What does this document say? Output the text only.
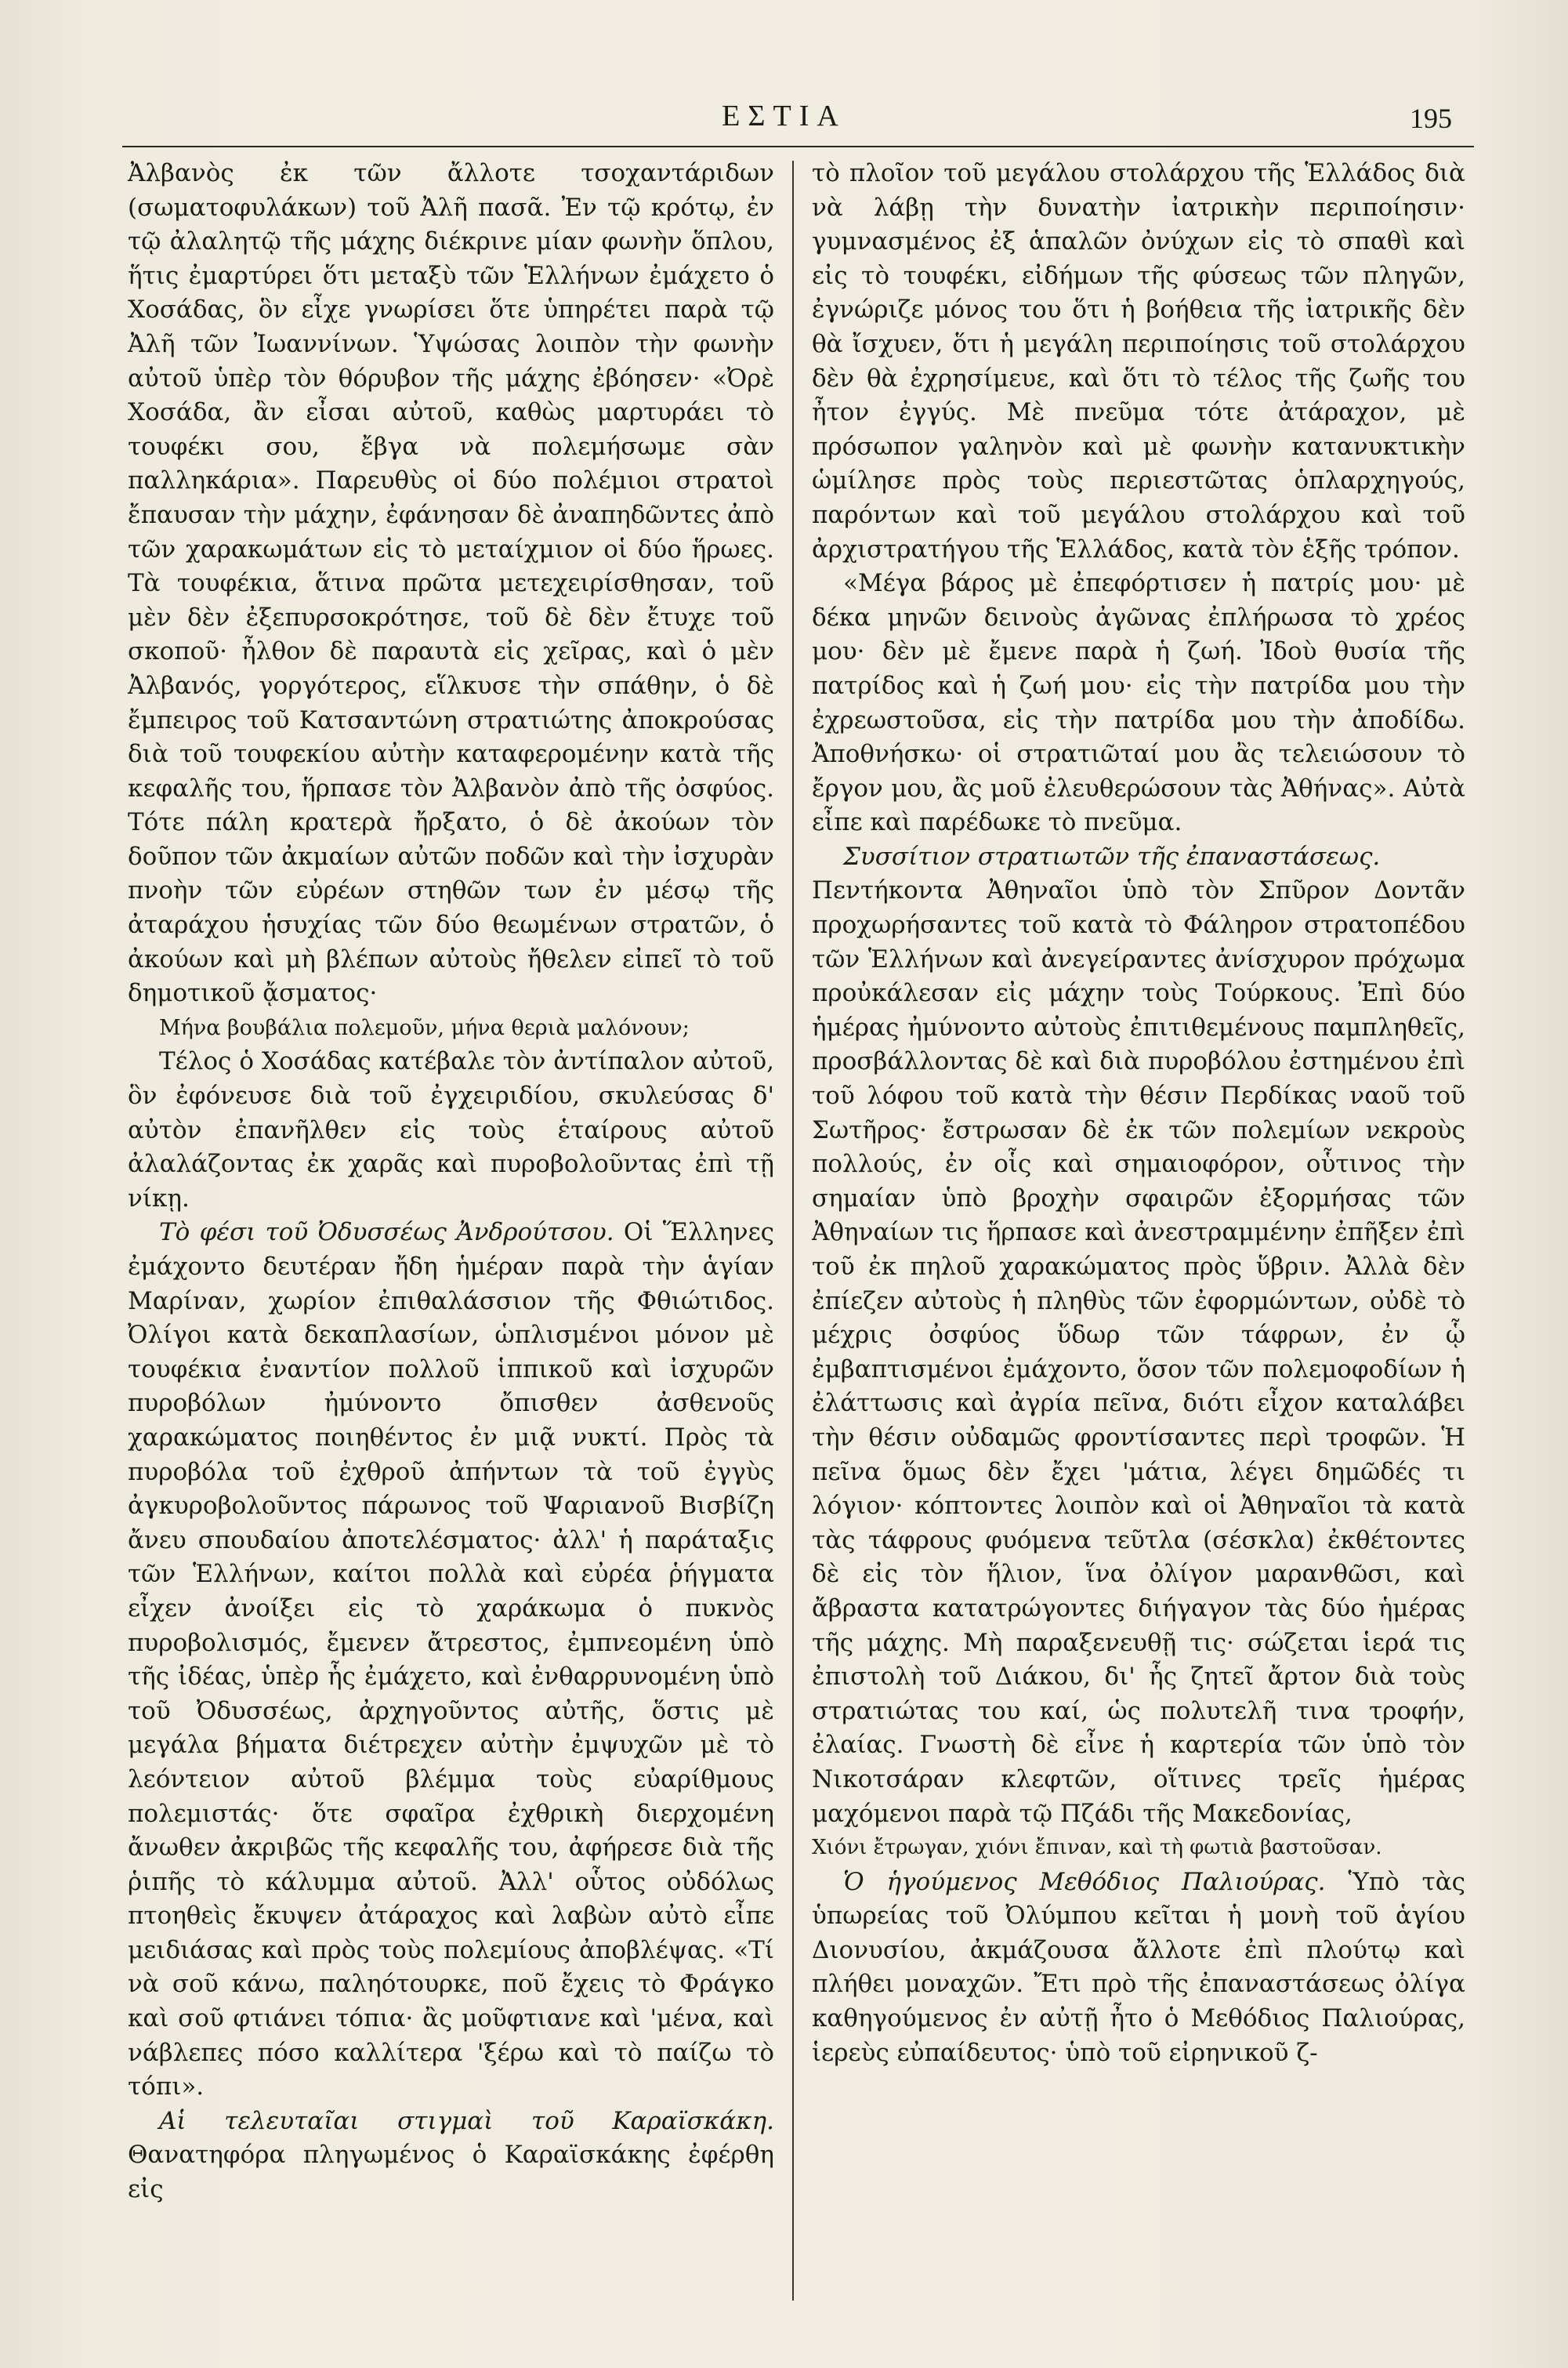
ΕΣΤΙΑ	195

Ἀλβανὸς ἐκ τῶν ἄλλοτε τσοχαντάριδων (σωματοφυλάκων) τοῦ Ἀλῆ πασᾶ. Ἐν τῷ κρότῳ, ἐν τῷ ἀλαλητῷ τῆς μάχης διέκρινε μίαν φωνὴν ὅπλου, ἥτις ἐμαρτύρει ὅτι μεταξὺ τῶν Ἑλλήνων ἐμάχετο ὁ Χοσάδας, ὃν εἶχε γνωρίσει ὅτε ὑπηρέτει παρὰ τῷ Ἀλῆ τῶν Ἰωαννίνων. Ὑψώσας λοιπὸν τὴν φωνὴν αὐτοῦ ὑπὲρ τὸν θόρυβον τῆς μάχης ἐβόησεν· «Ὀρὲ Χοσάδα, ἂν εἶσαι αὐτοῦ, καθὼς μαρτυράει τὸ τουφέκι σου, ἔβγα νὰ πολεμήσωμε σὰν παλληκάρια». Παρευθὺς οἱ δύο πολέμιοι στρατοὶ ἔπαυσαν τὴν μάχην, ἐφάνησαν δὲ ἀναπηδῶντες ἀπὸ τῶν χαρακωμάτων εἰς τὸ μεταίχμιον οἱ δύο ἥρωες. Τὰ τουφέκια, ἅτινα πρῶτα μετεχειρίσθησαν, τοῦ μὲν δὲν ἐξεπυρσοκρότησε, τοῦ δὲ δὲν ἔτυχε τοῦ σκοποῦ· ἦλθον δὲ παραυτὰ εἰς χεῖρας, καὶ ὁ μὲν Ἀλβανός, γοργότερος, εἵλκυσε τὴν σπάθην, ὁ δὲ ἔμπειρος τοῦ Κατσαντώνη στρατιώτης ἀποκρούσας διὰ τοῦ τουφεκίου αὐτὴν καταφερομένην κατὰ τῆς κεφαλῆς του, ἥρπασε τὸν Ἀλβανὸν ἀπὸ τῆς ὀσφύος. Τότε πάλη κρατερὰ ἤρξατο, ὁ δὲ ἀκούων τὸν δοῦπον τῶν ἀκμαίων αὐτῶν ποδῶν καὶ τὴν ἰσχυρὰν πνοὴν τῶν εὐρέων στηθῶν των ἐν μέσῳ τῆς ἀταράχου ἡσυχίας τῶν δύο θεωμένων στρατῶν, ὁ ἀκούων καὶ μὴ βλέπων αὐτοὺς ἤθελεν εἰπεῖ τὸ τοῦ δημοτικοῦ ᾄσματος·

Μήνα βουβάλια πολεμοῦν, μήνα θεριὰ μαλόνουν;

Τέλος ὁ Χοσάδας κατέβαλε τὸν ἀντίπαλον αὐτοῦ, ὃν ἐφόνευσε διὰ τοῦ ἐγχειριδίου, σκυλεύσας δ' αὐτὸν ἐπανῆλθεν εἰς τοὺς ἑταίρους αὐτοῦ ἀλαλάζοντας ἐκ χαρᾶς καὶ πυροβολοῦντας ἐπὶ τῇ νίκῃ.

Τὸ φέσι τοῦ Ὀδυσσέως Ἀνδρούτσου. Οἱ Ἕλληνες ἐμάχοντο δευτέραν ἤδη ἡμέραν παρὰ τὴν ἁγίαν Μαρίναν, χωρίον ἐπιθαλάσσιον τῆς Φθιώτιδος. Ὀλίγοι κατὰ δεκαπλασίων, ὡπλισμένοι μόνον μὲ τουφέκια ἐναντίον πολλοῦ ἱππικοῦ καὶ ἰσχυρῶν πυροβόλων ἠμύνοντο ὄπισθεν ἀσθενοῦς χαρακώματος ποιηθέντος ἐν μιᾷ νυκτί. Πρὸς τὰ πυροβόλα τοῦ ἐχθροῦ ἀπήντων τὰ τοῦ ἐγγὺς ἀγκυροβολοῦντος πάρωνος τοῦ Ψαριανοῦ Βισβίζη ἄνευ σπουδαίου ἀποτελέσματος· ἀλλ' ἡ παράταξις τῶν Ἑλλήνων, καίτοι πολλὰ καὶ εὐρέα ῥήγματα εἶχεν ἀνοίξει εἰς τὸ χαράκωμα ὁ πυκνὸς πυροβολισμός, ἔμενεν ἄτρεστος, ἐμπνεομένη ὑπὸ τῆς ἰδέας, ὑπὲρ ἧς ἐμάχετο, καὶ ἐνθαρρυνομένη ὑπὸ τοῦ Ὀδυσσέως, ἀρχηγοῦντος αὐτῆς, ὅστις μὲ μεγάλα βήματα διέτρεχεν αὐτὴν ἐμψυχῶν μὲ τὸ λεόντειον αὐτοῦ βλέμμα τοὺς εὐαρίθμους πολεμιστάς· ὅτε σφαῖρα ἐχθρικὴ διερχομένη ἄνωθεν ἀκριβῶς τῆς κεφαλῆς του, ἀφήρεσε διὰ τῆς ῥιπῆς τὸ κάλυμμα αὐτοῦ. Ἀλλ' οὗτος οὐδόλως πτοηθεὶς ἔκυψεν ἀτάραχος καὶ λαβὼν αὐτὸ εἶπε μειδιάσας καὶ πρὸς τοὺς πολεμίους ἀποβλέψας. «Τί νὰ σοῦ κάνω, παληότουρκε, ποῦ ἔχεις τὸ Φράγκο καὶ σοῦ φτιάνει τόπια· ἂς μοῦφτιανε καὶ 'μένα, καὶ νάβλεπες πόσο καλλίτερα 'ξέρω καὶ τὸ παίζω τὸ τόπι».

Αἱ τελευταῖαι στιγμαὶ τοῦ Καραϊσκάκη. Θανατηφόρα πληγωμένος ὁ Καραϊσκάκης ἐφέρθη εἰς

τὸ πλοῖον τοῦ μεγάλου στολάρχου τῆς Ἑλλάδος διὰ νὰ λάβῃ τὴν δυνατὴν ἰατρικὴν περιποίησιν· γυμνασμένος ἐξ ἁπαλῶν ὀνύχων εἰς τὸ σπαθὶ καὶ εἰς τὸ τουφέκι, εἰδήμων τῆς φύσεως τῶν πληγῶν, ἐγνώριζε μόνος του ὅτι ἡ βοήθεια τῆς ἰατρικῆς δὲν θὰ ἴσχυεν, ὅτι ἡ μεγάλη περιποίησις τοῦ στολάρχου δὲν θὰ ἐχρησίμευε, καὶ ὅτι τὸ τέλος τῆς ζωῆς του ἦτον ἐγγύς. Μὲ πνεῦμα τότε ἀτάραχον, μὲ πρόσωπον γαληνὸν καὶ μὲ φωνὴν κατανυκτικὴν ὡμίλησε πρὸς τοὺς περιεστῶτας ὁπλαρχηγούς, παρόντων καὶ τοῦ μεγάλου στολάρχου καὶ τοῦ ἀρχιστρατήγου τῆς Ἑλλάδος, κατὰ τὸν ἑξῆς τρόπον.

«Μέγα βάρος μὲ ἐπεφόρτισεν ἡ πατρίς μου· μὲ δέκα μηνῶν δεινοὺς ἀγῶνας ἐπλήρωσα τὸ χρέος μου· δὲν μὲ ἔμενε παρὰ ἡ ζωή. Ἰδοὺ θυσία τῆς πατρίδος καὶ ἡ ζωή μου· εἰς τὴν πατρίδα μου τὴν ἐχρεωστοῦσα, εἰς τὴν πατρίδα μου τὴν ἀποδίδω. Ἀποθνήσκω· οἱ στρατιῶταί μου ἂς τελειώσουν τὸ ἔργον μου, ἂς μοῦ ἐλευθερώσουν τὰς Ἀθήνας». Αὐτὰ εἶπε καὶ παρέδωκε τὸ πνεῦμα.

Συσσίτιον στρατιωτῶν τῆς ἐπαναστάσεως.

Πεντήκοντα Ἀθηναῖοι ὑπὸ τὸν Σπῦρον Δοντᾶν προχωρήσαντες τοῦ κατὰ τὸ Φάληρον στρατοπέδου τῶν Ἑλλήνων καὶ ἀνεγείραντες ἀνίσχυρον πρόχωμα προὐκάλεσαν εἰς μάχην τοὺς Τούρκους. Ἐπὶ δύο ἡμέρας ἠμύνοντο αὐτοὺς ἐπιτιθεμένους παμπληθεῖς, προσβάλλοντας δὲ καὶ διὰ πυροβόλου ἐστημένου ἐπὶ τοῦ λόφου τοῦ κατὰ τὴν θέσιν Περδίκας ναοῦ τοῦ Σωτῆρος· ἔστρωσαν δὲ ἐκ τῶν πολεμίων νεκροὺς πολλούς, ἐν οἷς καὶ σημαιοφόρον, οὗτινος τὴν σημαίαν ὑπὸ βροχὴν σφαιρῶν ἐξορμήσας τῶν Ἀθηναίων τις ἥρπασε καὶ ἀνεστραμμένην ἐπῆξεν ἐπὶ τοῦ ἐκ πηλοῦ χαρακώματος πρὸς ὕβριν. Ἀλλὰ δὲν ἐπίεζεν αὐτοὺς ἡ πληθὺς τῶν ἐφορμώντων, οὐδὲ τὸ μέχρις ὀσφύος ὕδωρ τῶν τάφρων, ἐν ᾧ ἐμβαπτισμένοι ἐμάχοντο, ὅσον τῶν πολεμοφοδίων ἡ ἐλάττωσις καὶ ἀγρία πεῖνα, διότι εἶχον καταλάβει τὴν θέσιν οὐδαμῶς φροντίσαντες περὶ τροφῶν. Ἡ πεῖνα ὅμως δὲν ἔχει 'μάτια, λέγει δημῶδές τι λόγιον· κόπτοντες λοιπὸν καὶ οἱ Ἀθηναῖοι τὰ κατὰ τὰς τάφρους φυόμενα τεῦτλα (σέσκλα) ἐκθέτοντες δὲ εἰς τὸν ἥλιον, ἵνα ὀλίγον μαρανθῶσι, καὶ ἄβραστα κατατρώγοντες διήγαγον τὰς δύο ἡμέρας τῆς μάχης. Μὴ παραξενευθῇ τις· σώζεται ἱερά τις ἐπιστολὴ τοῦ Διάκου, δι' ἧς ζητεῖ ἄρτον διὰ τοὺς στρατιώτας του καί, ὡς πολυτελῆ τινα τροφήν, ἐλαίας. Γνωστὴ δὲ εἶνε ἡ καρτερία τῶν ὑπὸ τὸν Νικοτσάραν κλεφτῶν, οἵτινες τρεῖς ἡμέρας μαχόμενοι παρὰ τῷ Πζάδι τῆς Μακεδονίας,

Χιόνι ἔτρωγαν, χιόνι ἔπιναν, καὶ τὴ φωτιὰ βαστοῦσαν.

Ὁ ἡγούμενος Μεθόδιος Παλιούρας. Ὑπὸ τὰς ὑπωρείας τοῦ Ὀλύμπου κεῖται ἡ μονὴ τοῦ ἁγίου Διονυσίου, ἀκμάζουσα ἄλλοτε ἐπὶ πλούτῳ καὶ πλήθει μοναχῶν. Ἔτι πρὸ τῆς ἐπαναστάσεως ὀλίγα καθηγούμενος ἐν αὐτῇ ἦτο ὁ Μεθόδιος Παλιούρας, ἱερεὺς εὐπαίδευτος· ὑπὸ τοῦ εἰρηνικοῦ ζ-
